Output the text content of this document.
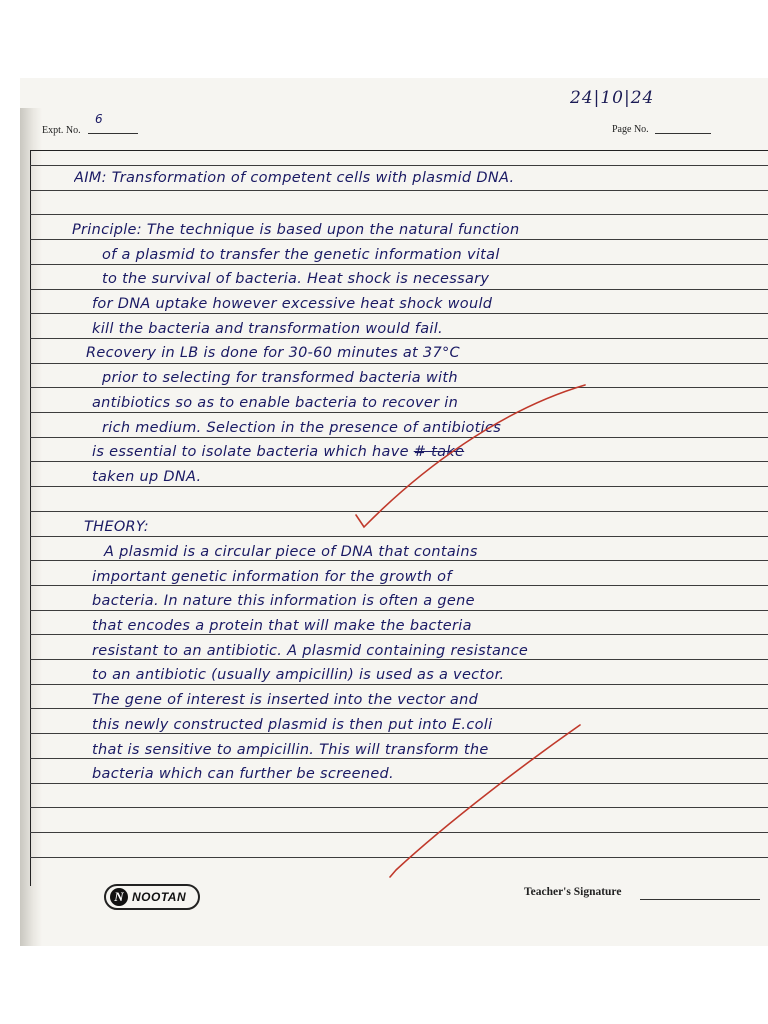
24|10|24
Expt. No.
6
Page No.
AIM: Transformation of competent cells with plasmid DNA.
Principle: The technique is based upon the natural function
of a plasmid to transfer the genetic information vital
to the survival of bacteria. Heat shock is necessary
for DNA uptake however excessive heat shock would
kill the bacteria and transformation would fail.
Recovery in LB is done for 30-60 minutes at 37°C
prior to selecting for transformed bacteria with
antibiotics so as to enable bacteria to recover in
rich medium. Selection in the presence of antibiotics
is essential to isolate bacteria which have # take
taken up DNA.
THEORY:
A plasmid is a circular piece of DNA that contains
important genetic information for the growth of
bacteria. In nature this information is often a gene
that encodes a protein that will make the bacteria
resistant to an antibiotic. A plasmid containing resistance
to an antibiotic (usually ampicillin) is used as a vector.
The gene of interest is inserted into the vector and
this newly constructed plasmid is then put into E.coli
that is sensitive to ampicillin. This will transform the
bacteria which can further be screened.
N NOOTAN	Teacher's Signature
